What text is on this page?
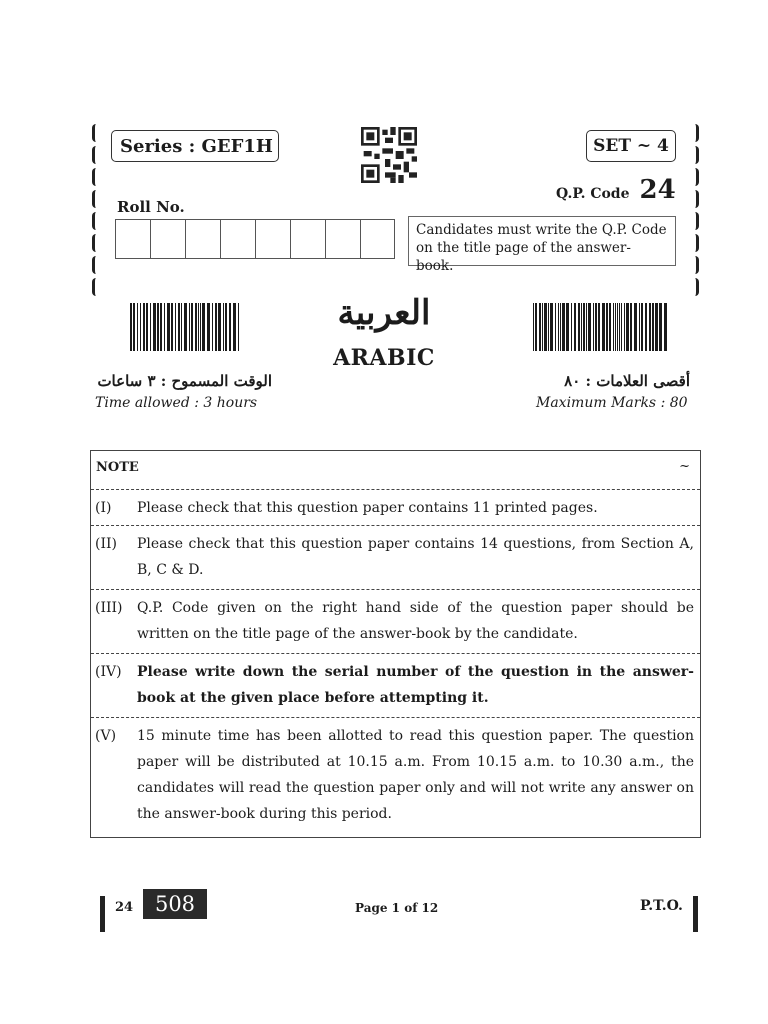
Series : GEF1H	SET ~ 4
Q.P. Code 24
Roll No.
Candidates must write the Q.P. Code on the title page of the answer-book.
العربية
ARABIC
الوقت المسموح : ٣ ساعات
Time allowed : 3 hours
أقصى العلامات : ٨٠
Maximum Marks : 80
NOTE	~
(I)	Please check that this question paper contains 11 printed pages.
(II)	Please check that this question paper contains 14 questions, from Section A, B, C & D.
(III)	Q.P. Code given on the right hand side of the question paper should be written on the title page of the answer-book by the candidate.
(IV)	Please write down the serial number of the question in the answer-book at the given place before attempting it.
(V)	15 minute time has been allotted to read this question paper. The question paper will be distributed at 10.15 a.m. From 10.15 a.m. to 10.30 a.m., the candidates will read the question paper only and will not write any answer on the answer-book during this period.
24	508	Page 1 of 12	P.T.O.
